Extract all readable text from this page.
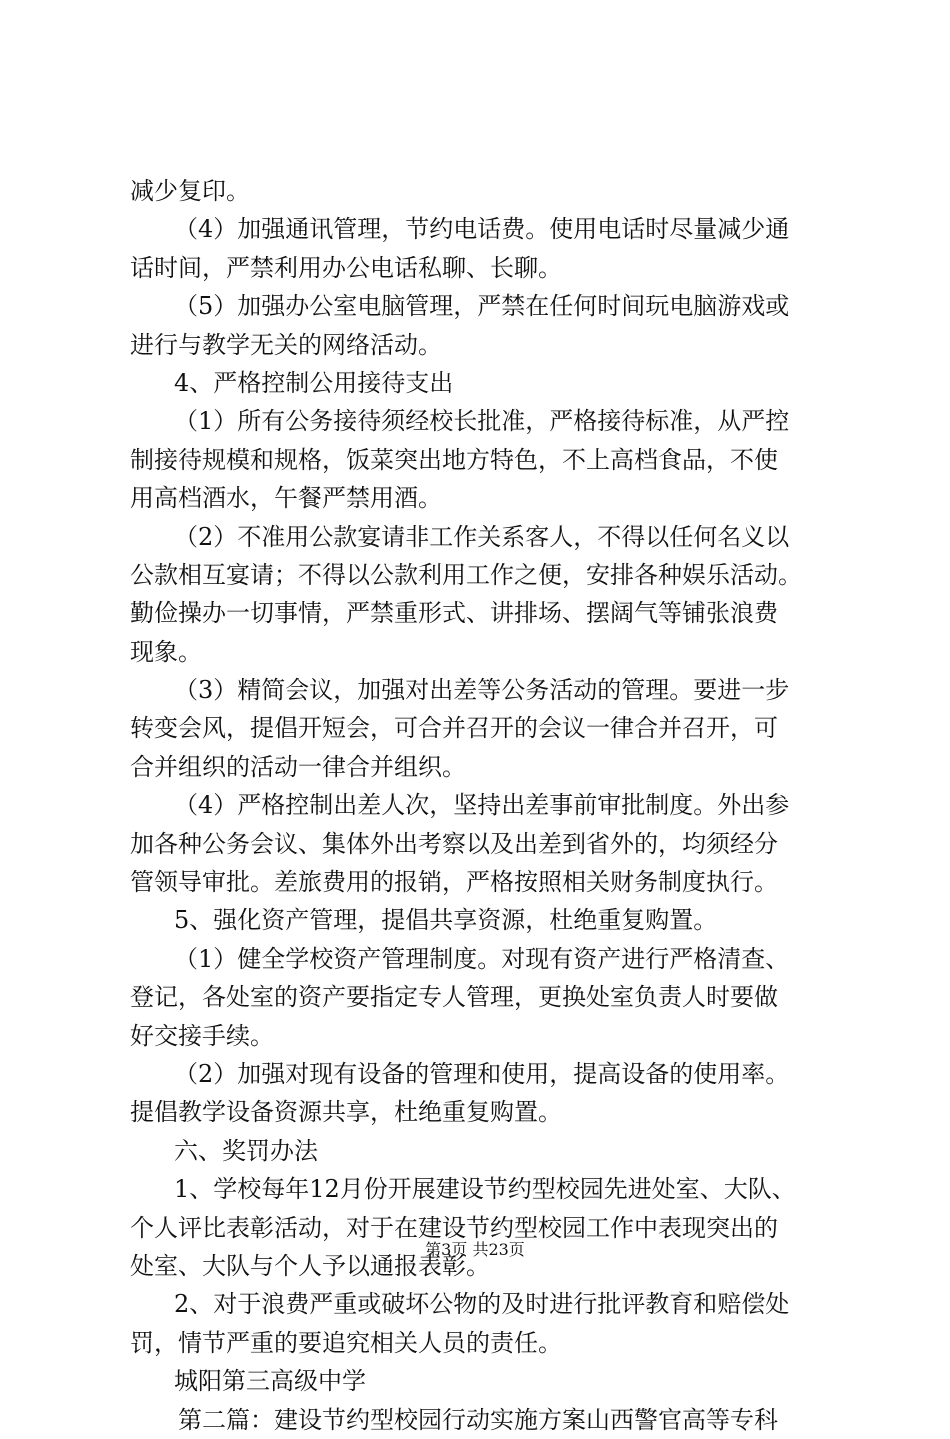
减少复印。
（4）加强通讯管理，节约电话费。使用电话时尽量减少通
话时间，严禁利用办公电话私聊、长聊。
（5）加强办公室电脑管理，严禁在任何时间玩电脑游戏或
进行与教学无关的网络活动。
4、严格控制公用接待支出
（1）所有公务接待须经校长批准，严格接待标准，从严控
制接待规模和规格，饭菜突出地方特色，不上高档食品，不使
用高档酒水，午餐严禁用酒。
（2）不准用公款宴请非工作关系客人，不得以任何名义以
公款相互宴请；不得以公款利用工作之便，安排各种娱乐活动。
勤俭操办一切事情，严禁重形式、讲排场、摆阔气等铺张浪费
现象。
（3）精简会议，加强对出差等公务活动的管理。要进一步
转变会风，提倡开短会，可合并召开的会议一律合并召开，可
合并组织的活动一律合并组织。
（4）严格控制出差人次，坚持出差事前审批制度。外出参
加各种公务会议、集体外出考察以及出差到省外的，均须经分
管领导审批。差旅费用的报销，严格按照相关财务制度执行。
5、强化资产管理，提倡共享资源，杜绝重复购置。
（1）健全学校资产管理制度。对现有资产进行严格清查、
登记，各处室的资产要指定专人管理，更换处室负责人时要做
好交接手续。
（2）加强对现有设备的管理和使用，提高设备的使用率。
提倡教学设备资源共享，杜绝重复购置。
六、奖罚办法
1、学校每年12月份开展建设节约型校园先进处室、大队、
个人评比表彰活动，对于在建设节约型校园工作中表现突出的
处室、大队与个人予以通报表彰。
2、对于浪费严重或破坏公物的及时进行批评教育和赔偿处
罚，情节严重的要追究相关人员的责任。
城阳第三高级中学
第二篇：建设节约型校园行动实施方案山西警官高等专科
第3页 共23页
